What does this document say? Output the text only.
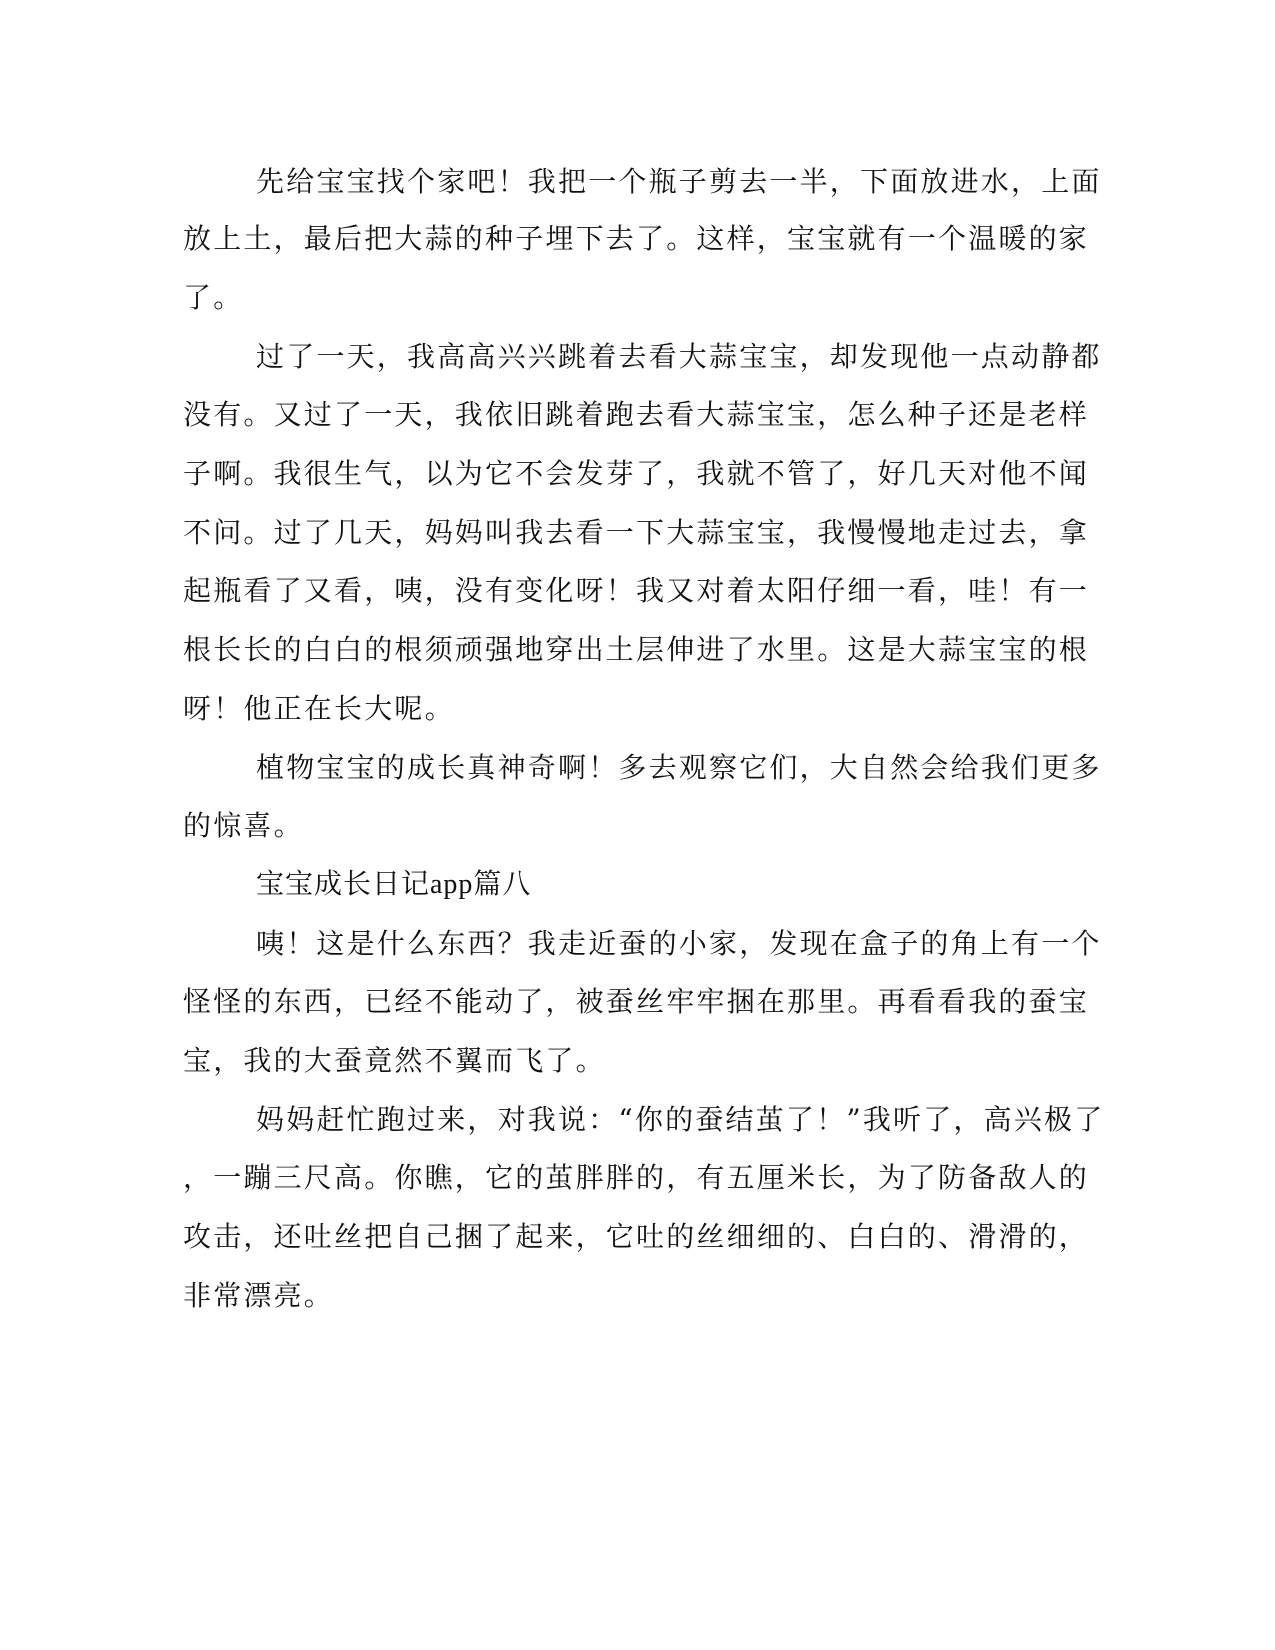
先给宝宝找个家吧！我把一个瓶子剪去一半，下面放进水，上面
放上土，最后把大蒜的种子埋下去了。这样，宝宝就有一个温暖的家
了。
过了一天，我高高兴兴跳着去看大蒜宝宝，却发现他一点动静都
没有。又过了一天，我依旧跳着跑去看大蒜宝宝，怎么种子还是老样
子啊。我很生气，以为它不会发芽了，我就不管了，好几天对他不闻
不问。过了几天，妈妈叫我去看一下大蒜宝宝，我慢慢地走过去，拿
起瓶看了又看，咦，没有变化呀！我又对着太阳仔细一看，哇！有一
根长长的白白的根须顽强地穿出土层伸进了水里。这是大蒜宝宝的根
呀！他正在长大呢。
植物宝宝的成长真神奇啊！多去观察它们，大自然会给我们更多
的惊喜。
宝宝成长日记app篇八
咦！这是什么东西？我走近蚕的小家，发现在盒子的角上有一个
怪怪的东西，已经不能动了，被蚕丝牢牢捆在那里。再看看我的蚕宝
宝，我的大蚕竟然不翼而飞了。
妈妈赶忙跑过来，对我说：“你的蚕结茧了！”我听了，高兴极了
，一蹦三尺高。你瞧，它的茧胖胖的，有五厘米长，为了防备敌人的
攻击，还吐丝把自己捆了起来，它吐的丝细细的、白白的、滑滑的，
非常漂亮。
